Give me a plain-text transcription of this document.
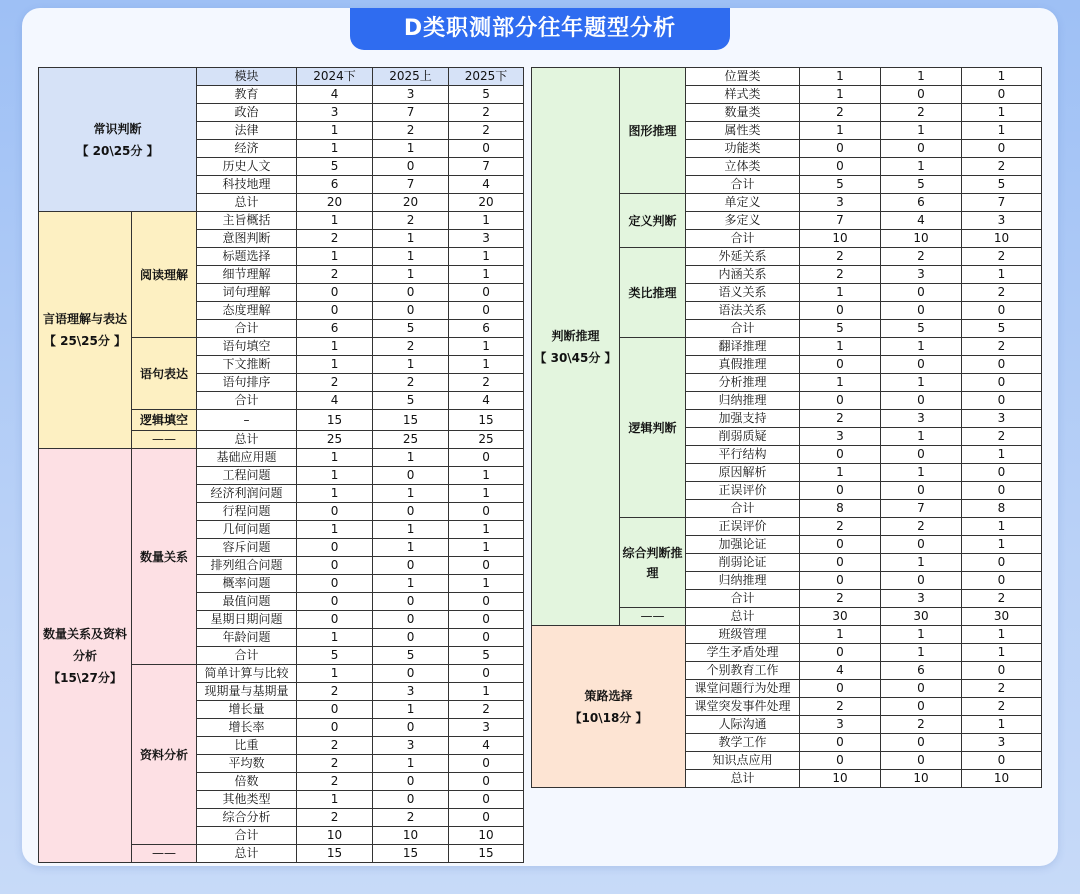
D类职测部分往年题型分析
常识判断
【 20\25分 】		模块	2024下	2025上	2025下
		教育	4	3	5
		政治	3	7	2
		法律	1	2	2
		经济	1	1	0
		历史人文	5	0	7
		科技地理	6	7	4
		总计	20	20	20

言语理解与表达
【 25\25分 】	阅读理解	主旨概括	1	2	1
		意图判断	2	1	3
		标题选择	1	1	1
		细节理解	2	1	1
		词句理解	0	0	0
		态度理解	0	0	0
		合计	6	5	6
	语句表达	语句填空	1	2	1
		下文推断	1	1	1
		语句排序	2	2	2
		合计	4	5	4
	逻辑填空	–	15	15	15
	——	总计	25	25	25

数量关系及资料分析
【15\27分】	数量关系	基础应用题	1	1	0
		工程问题	1	0	1
		经济利润问题	1	1	1
		行程问题	0	0	0
		几何问题	1	1	1
		容斥问题	0	1	1
		排列组合问题	0	0	0
		概率问题	0	1	1
		最值问题	0	0	0
		星期日期问题	0	0	0
		年龄问题	1	0	0
		合计	5	5	5
	资料分析	简单计算与比较	1	0	0
		现期量与基期量	2	3	1
		增长量	0	1	2
		增长率	0	0	3
		比重	2	3	4
		平均数	2	1	0
		倍数	2	0	0
		其他类型	1	0	0
		综合分析	2	2	0
		合计	10	10	10
	——	总计	15	15	15
判断推理
【 30\45分 】	图形推理	位置类	1	1	1
		样式类	1	0	0
		数量类	2	2	1
		属性类	1	1	1
		功能类	0	0	0
		立体类	0	1	2
		合计	5	5	5
	定义判断	单定义	3	6	7
		多定义	7	4	3
		合计	10	10	10
	类比推理	外延关系	2	2	2
		内涵关系	2	3	1
		语义关系	1	0	2
		语法关系	0	0	0
		合计	5	5	5
	逻辑判断	翻译推理	1	1	2
		真假推理	0	0	0
		分析推理	1	1	0
		归纳推理	0	0	0
		加强支持	2	3	3
		削弱质疑	3	1	2
		平行结构	0	0	1
		原因解析	1	1	0
		正误评价	0	0	0
		合计	8	7	8
	综合判断推理	正误评价	2	2	1
		加强论证	0	0	1
		削弱论证	0	1	0
		归纳推理	0	0	0
		合计	2	3	2
	——	总计	30	30	30

策路选择
【10\18分 】		班级管理	1	1	1
		学生矛盾处理	0	1	1
		个别教育工作	4	6	0
		课堂问题行为处理	0	0	2
		课堂突发事件处理	2	0	2
		人际沟通	3	2	1
		教学工作	0	0	3
		知识点应用	0	0	0
		总计	10	10	10
